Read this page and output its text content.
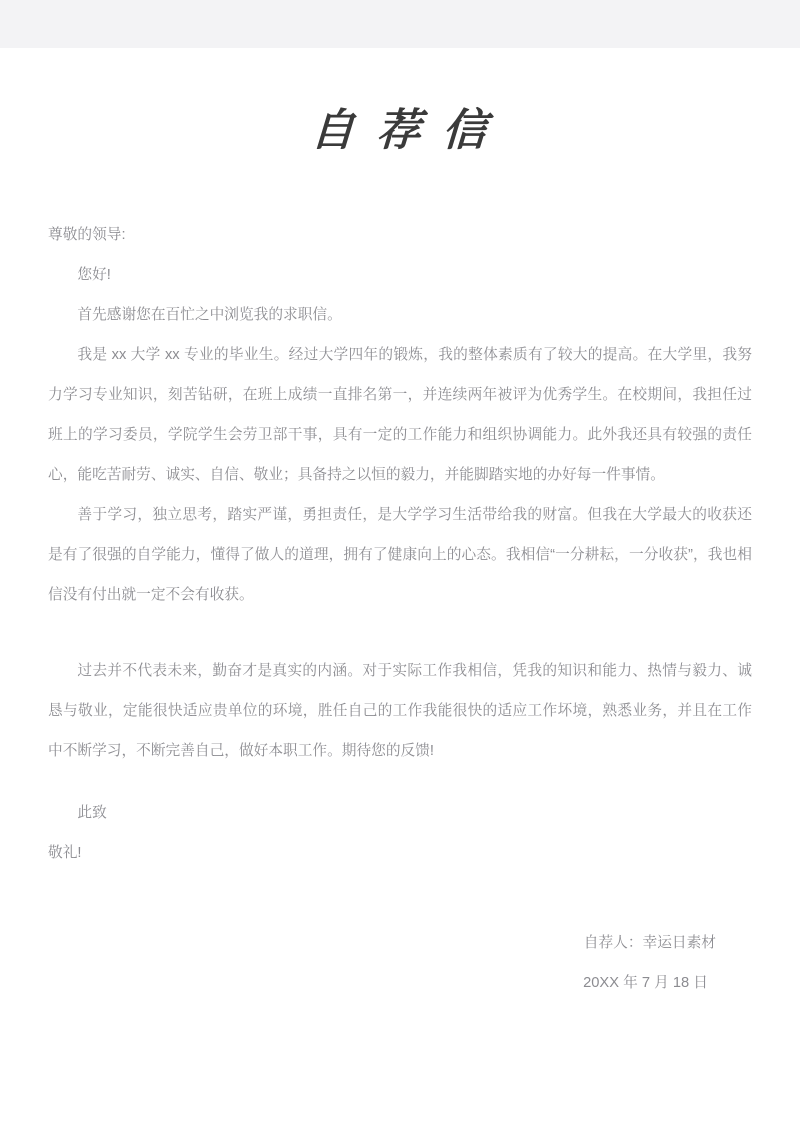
自荐信

尊敬的领导:

您好!

首先感谢您在百忙之中浏览我的求职信。

我是 xx 大学 xx 专业的毕业生。经过大学四年的锻炼，我的整体素质有了较大的提高。在大学里，我努力学习专业知识，刻苦钻研，在班上成绩一直排名第一，并连续两年被评为优秀学生。在校期间，我担任过班上的学习委员，学院学生会劳卫部干事，具有一定的工作能力和组织协调能力。此外我还具有较强的责任心，能吃苦耐劳、诚实、自信、敬业；具备持之以恒的毅力，并能脚踏实地的办好每一件事情。

善于学习，独立思考，踏实严谨，勇担责任，是大学学习生活带给我的财富。但我在大学最大的收获还是有了很强的自学能力，懂得了做人的道理，拥有了健康向上的心态。我相信“一分耕耘，一分收获”，我也相信没有付出就一定不会有收获。

过去并不代表未来，勤奋才是真实的内涵。对于实际工作我相信，凭我的知识和能力、热情与毅力、诚恳与敬业，定能很快适应贵单位的环境，胜任自己的工作我能很快的适应工作坏境，熟悉业务，并且在工作中不断学习，不断完善自己，做好本职工作。期待您的反馈!

此致

敬礼!

自荐人：幸运日素材

20XX 年 7 月 18 日
